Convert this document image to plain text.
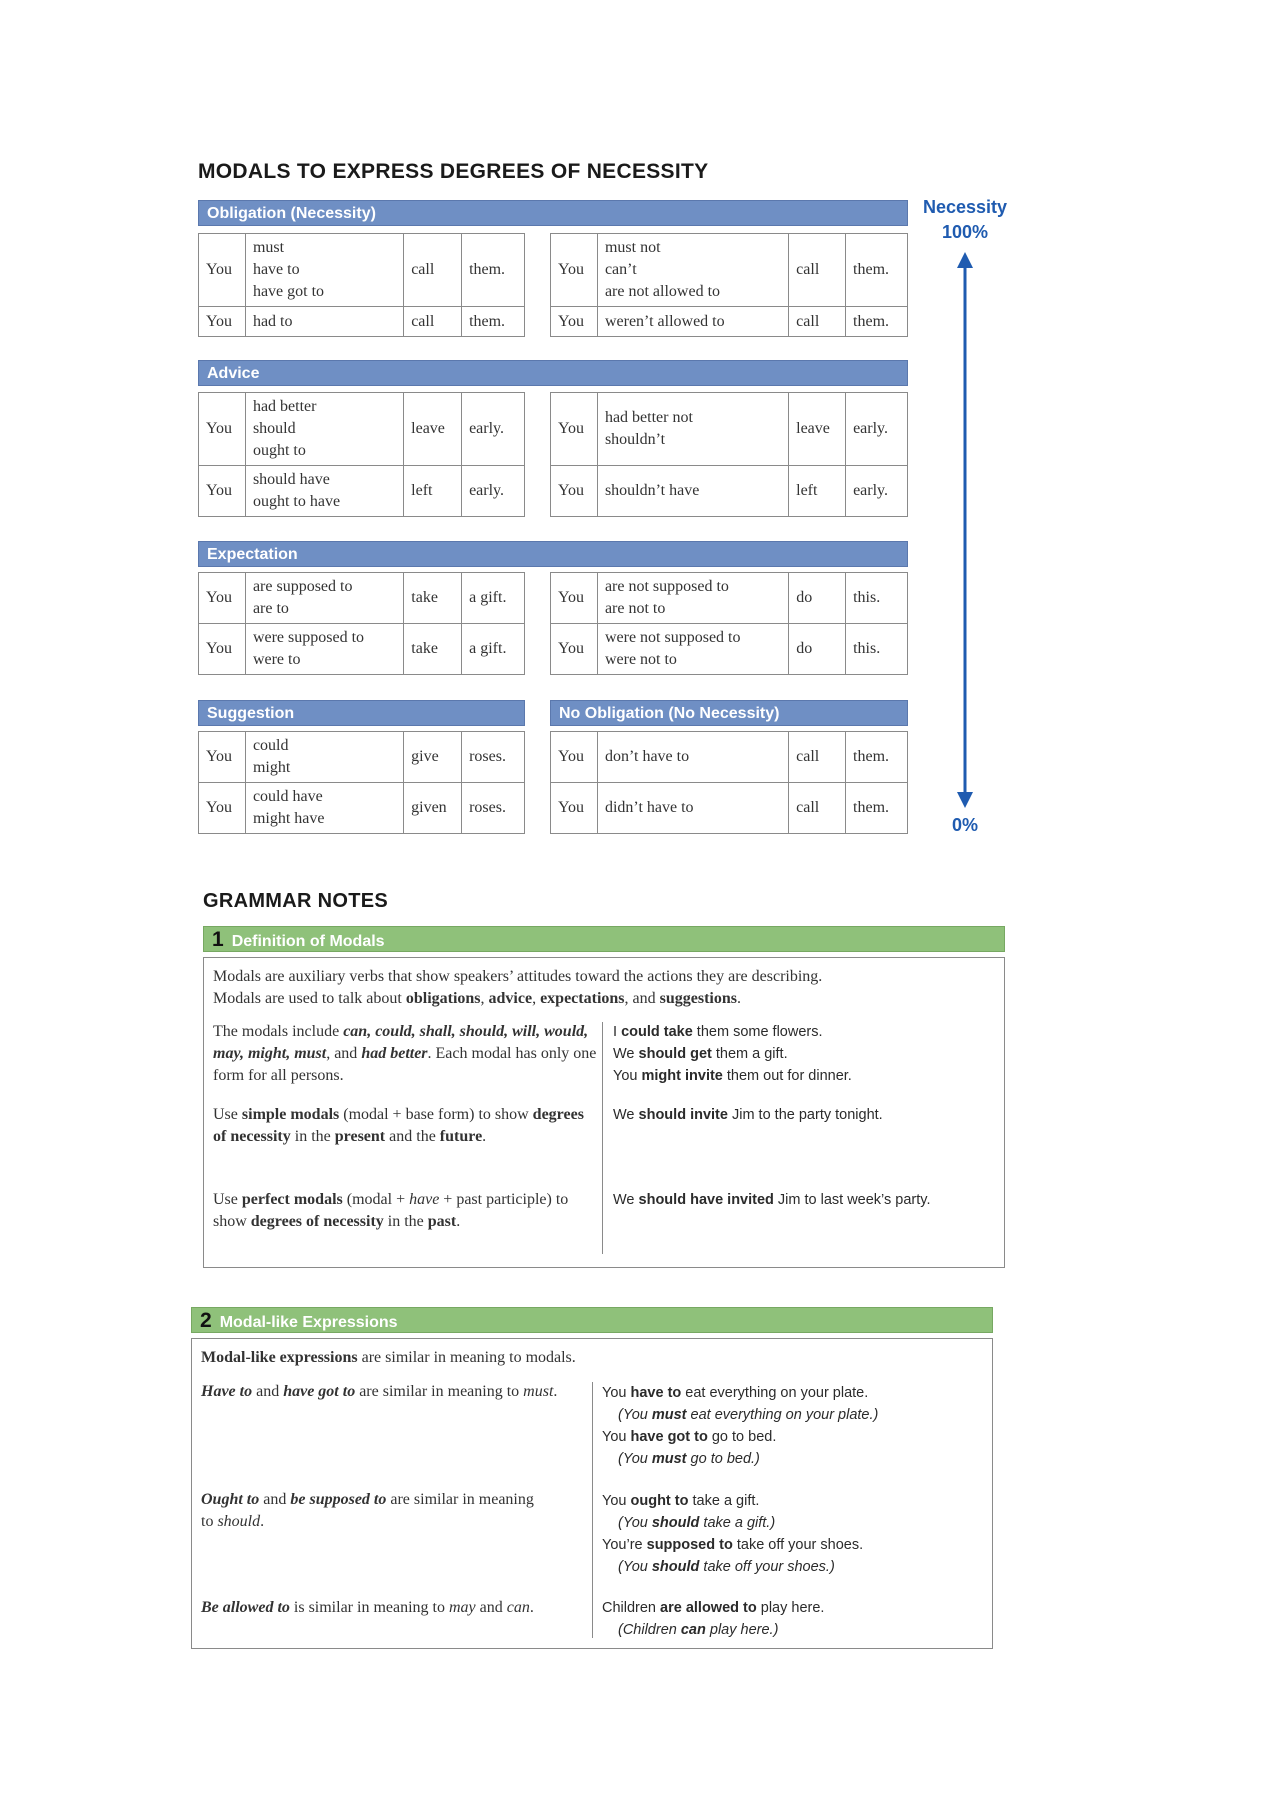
MODALS TO EXPRESS DEGREES OF NECESSITY
Necessity
100%
0%
Obligation (Necessity)
You	must
have to
have got to	call	them.
You	had to	call	them.
You	must not
can’t
are not allowed to	call	them.
You	weren’t allowed to	call	them.
Advice
You	had better
should
ought to	leave	early.
You	should have
ought to have	left	early.
You	had better not
shouldn’t	leave	early.
You	shouldn’t have	left	early.
Expectation
You	are supposed to
are to	take	a gift.
You	were supposed to
were to	take	a gift.
You	are not supposed to
are not to	do	this.
You	were not supposed to
were not to	do	this.
Suggestion	No Obligation (No Necessity)
You	could
might	give	roses.
You	could have
might have	given	roses.
You	don’t have to	call	them.
You	didn’t have to	call	them.
GRAMMAR NOTES
1 Definition of Modals
Modals are auxiliary verbs that show speakers’ attitudes toward the actions they are describing.
Modals are used to talk about obligations, advice, expectations, and suggestions.
The modals include can, could, shall, should, will, would, may, might, must, and had better. Each modal has only one form for all persons.
I could take them some flowers.
We should get them a gift.
You might invite them out for dinner.
Use simple modals (modal + base form) to show degrees of necessity in the present and the future.
We should invite Jim to the party tonight.
Use perfect modals (modal + have + past participle) to show degrees of necessity in the past.
We should have invited Jim to last week’s party.
2 Modal-like Expressions
Modal-like expressions are similar in meaning to modals.
Have to and have got to are similar in meaning to must.	You have to eat everything on your plate.
(You must eat everything on your plate.)
You have got to go to bed.
(You must go to bed.)
Ought to and be supposed to are similar in meaning to should.
You ought to take a gift.
(You should take a gift.)
You’re supposed to take off your shoes.
(You should take off your shoes.)
Be allowed to is similar in meaning to may and can.	Children are allowed to play here.
(Children can play here.)
